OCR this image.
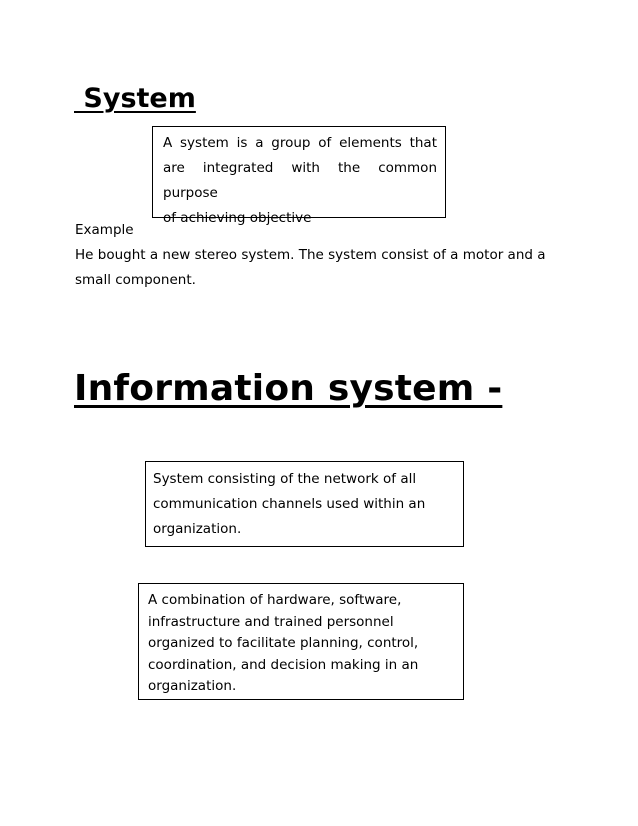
System

A system is a group of elements that

are integrated with the common purpose

of achieving objective

Example

He bought a new stereo system. The system consist of a motor and a

small component.

Information system -

System consisting of the network of all

communication channels used within an

organization.

A combination of hardware, software,

infrastructure and trained personnel

organized to facilitate planning, control,

coordination, and decision making in an

organization.
